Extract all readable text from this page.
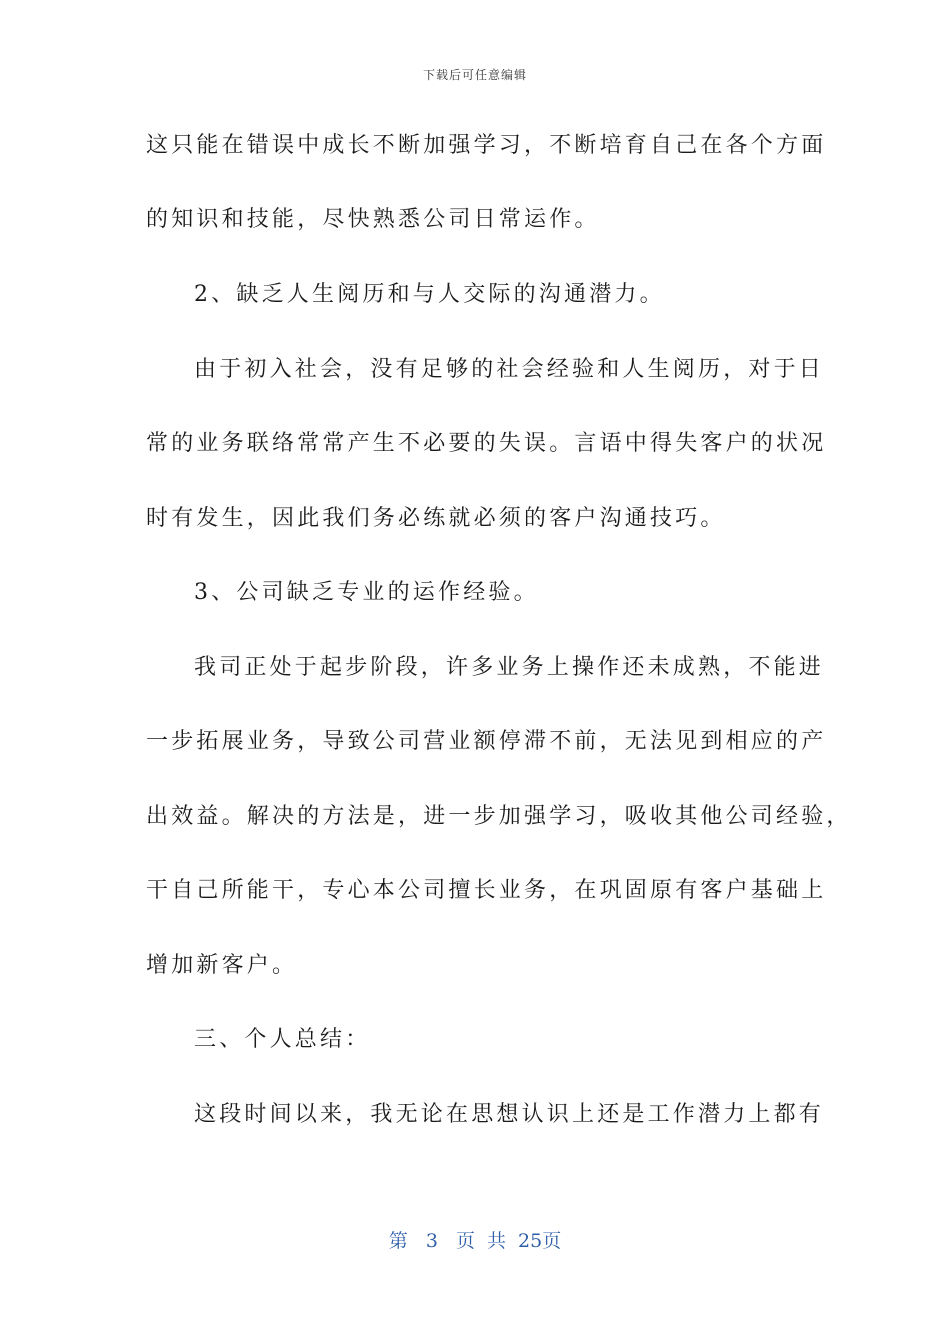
下载后可任意编辑
这只能在错误中成长不断加强学习，不断培育自己在各个方面
的知识和技能，尽快熟悉公司日常运作。
2、缺乏人生阅历和与人交际的沟通潜力。
由于初入社会，没有足够的社会经验和人生阅历，对于日
常的业务联络常常产生不必要的失误。言语中得失客户的状况
时有发生，因此我们务必练就必须的客户沟通技巧。
3、公司缺乏专业的运作经验。
我司正处于起步阶段，许多业务上操作还未成熟，不能进
一步拓展业务，导致公司营业额停滞不前，无法见到相应的产
出效益。解决的方法是，进一步加强学习，吸收其他公司经验，
干自己所能干，专心本公司擅长业务，在巩固原有客户基础上
增加新客户。
三、个人总结：
这段时间以来，我无论在思想认识上还是工作潜力上都有
第 3 页 共 25页
